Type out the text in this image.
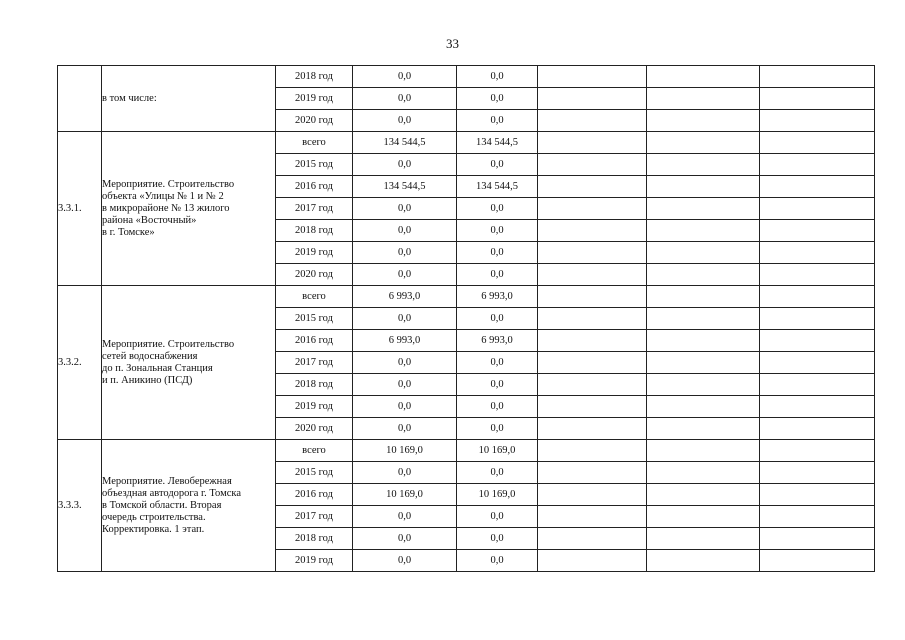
33
	в том числе:	2018 год	0,0	0,0			
		2019 год	0,0	0,0			
		2020 год	0,0	0,0			
3.3.1.	Мероприятие. Строительство
объекта «Улицы № 1 и № 2
в микрорайоне № 13 жилого
района «Восточный»
в г. Томске»	всего	134 544,5	134 544,5			
		2015 год	0,0	0,0			
		2016 год	134 544,5	134 544,5			
		2017 год	0,0	0,0			
		2018 год	0,0	0,0			
		2019 год	0,0	0,0			
		2020 год	0,0	0,0			
3.3.2.	Мероприятие. Строительство
сетей водоснабжения
до п. Зональная Станция
и п. Аникино (ПСД)	всего	6 993,0	6 993,0			
		2015 год	0,0	0,0			
		2016 год	6 993,0	6 993,0			
		2017 год	0,0	0,0			
		2018 год	0,0	0,0			
		2019 год	0,0	0,0			
		2020 год	0,0	0,0			
3.3.3.	Мероприятие. Левобережная
объездная автодорога г. Томска
в Томской области. Вторая
очередь строительства.
Корректировка. 1 этап.	всего	10 169,0	10 169,0			
		2015 год	0,0	0,0			
		2016 год	10 169,0	10 169,0			
		2017 год	0,0	0,0			
		2018 год	0,0	0,0			
		2019 год	0,0	0,0			
